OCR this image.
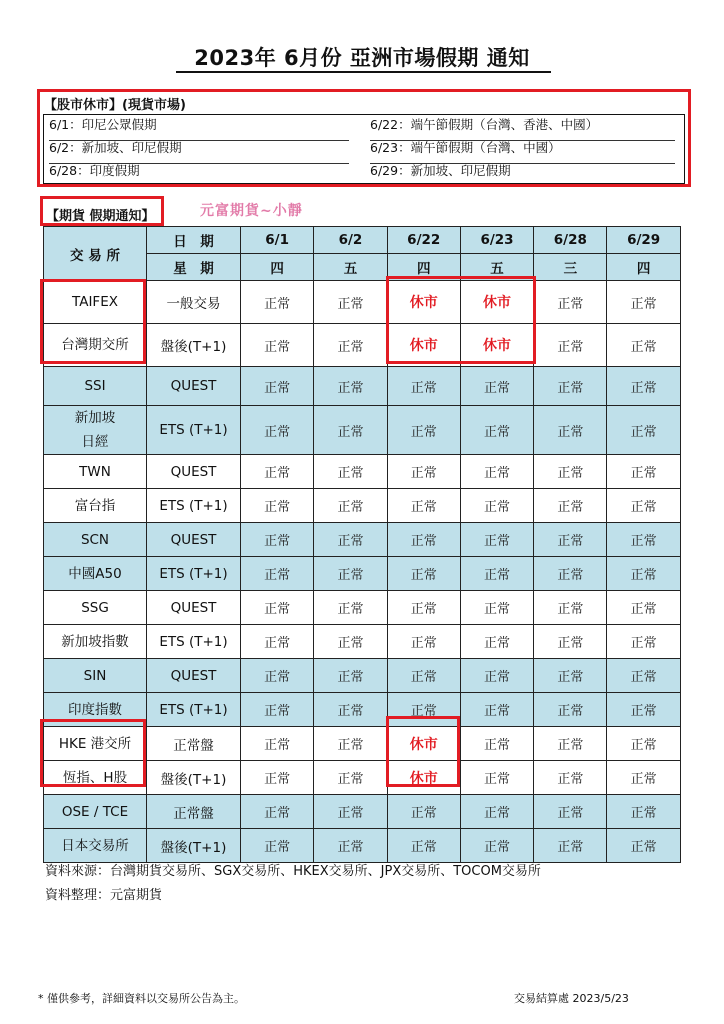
2023年 6月份 亞洲市場假期 通知
【股市休市】(現貨市場)
6/1：印尼公眾假期
6/2：新加坡、印尼假期
6/28：印度假期
6/22：端午節假期（台灣、香港、中國）
6/23：端午節假期（台灣、中國）
6/29：新加坡、印尼假期
【期貨 假期通知】	元富期貨~小靜
交 易 所	日　期	6/1	6/2	6/22	6/23	6/28	6/29
	星　期	四	五	四	五	三	四
TAIFEX	一般交易	正常	正常	休市	休市	正常	正常
台灣期交所	盤後(T+1)	正常	正常	休市	休市	正常	正常
SSI	QUEST	正常	正常	正常	正常	正常	正常
新加坡
日經	ETS (T+1)	正常	正常	正常	正常	正常	正常
TWN	QUEST	正常	正常	正常	正常	正常	正常
富台指	ETS (T+1)	正常	正常	正常	正常	正常	正常
SCN	QUEST	正常	正常	正常	正常	正常	正常
中國A50	ETS (T+1)	正常	正常	正常	正常	正常	正常
SSG	QUEST	正常	正常	正常	正常	正常	正常
新加坡指數	ETS (T+1)	正常	正常	正常	正常	正常	正常
SIN	QUEST	正常	正常	正常	正常	正常	正常
印度指數	ETS (T+1)	正常	正常	正常	正常	正常	正常
HKE 港交所	正常盤	正常	正常	休市	正常	正常	正常
恆指、H股	盤後(T+1)	正常	正常	休市	正常	正常	正常
OSE / TCE	正常盤	正常	正常	正常	正常	正常	正常
日本交易所	盤後(T+1)	正常	正常	正常	正常	正常	正常
資料來源：台灣期貨交易所、SGX交易所、HKEX交易所、JPX交易所、TOCOM交易所
資料整理：元富期貨
* 僅供參考，詳細資料以交易所公告為主。	交易結算處 2023/5/23
